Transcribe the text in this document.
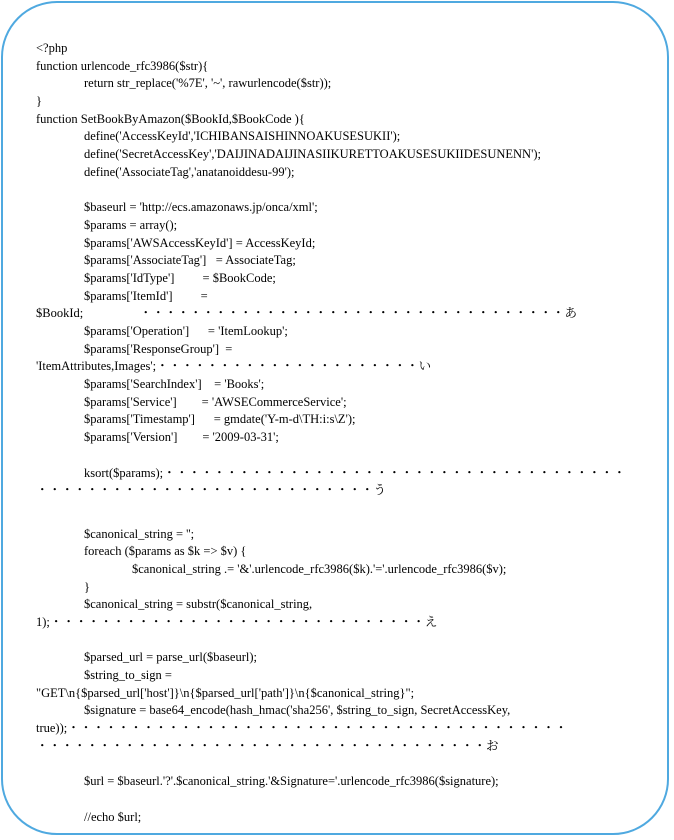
<?php
function urlencode_rfc3986($str){
return str_replace('%7E', '~', rawurlencode($str));
}
function SetBookByAmazon($BookId,$BookCode ){
define('AccessKeyId','ICHIBANSAISHINNOAKUSESUKII');
define('SecretAccessKey','DAIJINADAIJINASIIKURETTOAKUSESUKIIDESUNENN');
define('AssociateTag','anatanoiddesu-99');
$baseurl = 'http://ecs.amazonaws.jp/onca/xml';
$params = array();
$params['AWSAccessKeyId'] = AccessKeyId;
$params['AssociateTag']   = AssociateTag;
$params['IdType']         = $BookCode;
$params['ItemId']         =
$BookId;                  ・・・・・・・・・・・・・・・・・・・・・・・・・・・・・・・・・・あ
$params['Operation']      = 'ItemLookup';
$params['ResponseGroup']  =
'ItemAttributes,Images';・・・・・・・・・・・・・・・・・・・・・い
$params['SearchIndex']    = 'Books';
$params['Service']        = 'AWSECommerceService';
$params['Timestamp']      = gmdate('Y-m-d\TH:i:s\Z');
$params['Version']        = '2009-03-31';
ksort($params);・・・・・・・・・・・・・・・・・・・・・・・・・・・・・・・・・・・・・
・・・・・・・・・・・・・・・・・・・・・・・・・・・う
$canonical_string = '';
foreach ($params as $k => $v) {
$canonical_string .= '&'.urlencode_rfc3986($k).'='.urlencode_rfc3986($v);
}
$canonical_string = substr($canonical_string,
1);・・・・・・・・・・・・・・・・・・・・・・・・・・・・・・え
$parsed_url = parse_url($baseurl);
$string_to_sign =
"GET\n{$parsed_url['host']}\n{$parsed_url['path']}\n{$canonical_string}";
$signature = base64_encode(hash_hmac('sha256', $string_to_sign, SecretAccessKey,
true));・・・・・・・・・・・・・・・・・・・・・・・・・・・・・・・・・・・・・・・・
・・・・・・・・・・・・・・・・・・・・・・・・・・・・・・・・・・・・お
$url = $baseurl.'?'.$canonical_string.'&Signature='.urlencode_rfc3986($signature);
//echo $url;
